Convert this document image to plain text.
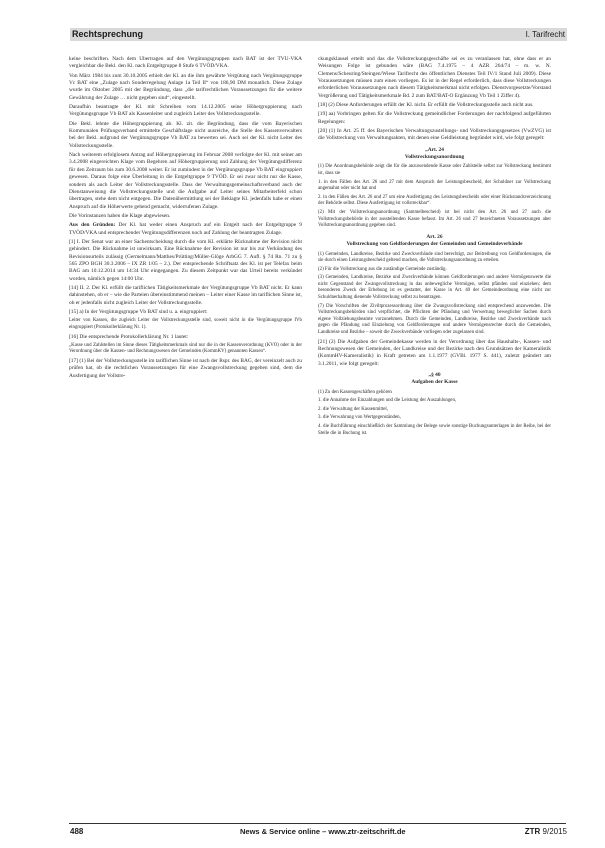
Rechtsprechung	I. Tarifrecht

keine beschriften. Nach dem Übertragen auf den Vergütungsgruppen nach BAT ist der TVÜ-VKA vergleichbar die Bekl. den Kl. nach Entgeltgruppe 8 Stufe 6 TVÖD/VKA.

Von März 1984 bis zum 30.10.2005 erhielt der Kl. an die ihm gewährte Vergütung nach Vergütungsgruppe Vc BAT eine „Zulage nach Sonderregelung Anlage 1a Teil II“ von 186,90 DM monatlich. Diese Zulage wurde im Oktober 2005 mit der Begründung, dass „die tarifrechtlichen Voraussetzungen für die weitere Gewährung der Zulage … nicht gegeben sind“, eingestellt.

Daraufhin beantragte der Kl. mit Schreiben vom 14.12.2005 seine Höhergruppierung nach Vergütungsgruppe Vb BAT als Kassenleiter und zugleich Leiter des Vollstreckungsstelle.

Die Bekl. lehnte die Höhergruppierung ab. Kl. zit. die Begründung, dass die vom Bayerischen Kommunalen Prüfungsverband ermittelte Geschäftslage nicht ausreiche, die Stelle des Kassenverwalters bei der Bekl. aufgrund der Vergütungsgruppe Vb BAT zu bewerten sei. Auch sei der Kl. nicht Leiter des Vollstreckungsstelle.

Nach weiterem erfolglosem Antrag auf Höhergruppierung im Februar 2008 verfolgte der Kl. mit seiner am 3.4.2008 eingereichten Klage vom Begehren auf Höhergruppierung und Zahlung der Vergütungsdifferenz für den Zeitraum bis zum 30.6.2008 weiter. Er ist zumindest in der Vergütungsgruppe Vb BAT eingruppiert gewesen. Daraus folge eine Überleitung in die Entgeltgruppe 9 TVÖD. Er sei zwar nicht nur die Kasse, sondern als auch Leiter der Vollstreckungsstelle. Dass der Verwaltungsgemeinschaftsverband auch der Dienstanweisung die Vollstreckungsstelle und die Aufgabe auf Leiter seines Mitarbeiterfeld schon übertragen, stehe dem nicht entgegen. Die Datenübermittlung sei der Beklagte Kl. jedenfalls habe er einen Anspruch auf die Höherwerte gehend gemacht, widerrufenen Zulage.

Die Vorinstanzen haben die Klage abgewiesen.

Aus den Gründen: Der Kl. hat weder einen Anspruch auf ein Entgelt nach der Entgeltgruppe 9 TVÖD/VKA und entsprechender Vergütungsdifferenzen noch auf Zahlung der beantragten Zulage.

[1] I. Der Senat war an einer Sachentscheidung durch die vom Kl. erklärte Rücknahme der Revision nicht gehindert. Die Rücknahme ist unwirksam. Eine Rücknahme der Revision ist nur bis zur Verkündung des Revisionsurteils zulässig (Germelmann/Matthes/Prütting/Müller-Glöge ArbGG 7. Aufl. § 74 Rn. 71 zu § 565 ZPO BGH 30.3.2006 – IX ZR 1/05 – 2.). Der entsprechende Schriftsatz des Kl. ist per Telefax beim BAG am 10.12.2014 um 14:34 Uhr eingegangen. Zu diesem Zeitpunkt war das Urteil bereits verkündet worden, nämlich gegen 14:00 Uhr.

[14] II. 2. Der Kl. erfüllt die tariflichen Tätigkeitsmerkmale der Vergütungsgruppe Vb BAT nicht. Er kann dahinstehen, ob er – wie die Parteien übereinstimmend meinen – Leiter einer Kasse im tariflichen Sinne ist, ob er jedenfalls nicht zugleich Leiter der Vollstreckungsstelle.

[15] a) In der Vergütungsgruppe Vb BAT sind u. a. eingruppiert:

Leiter von Kassen, die zugleich Leiter der Vollstreckungsstelle sind, soweit nicht in die Vergütungsgruppe IVb eingruppiert (Protokollerklärung Nr. 1).

[16] Die entsprechende Protokollerklärung Nr. 1 lautet:

„Kasse und Zahlstellen im Sinne dieses Tätigkeitsmerkmals sind nur die in der Kassenverordnung (KVO) oder in der Verordnung über die Kassen- und Rechnungswesen der Gemeinden (KommKV) genannten Kassen“.

[17] (1) Bei der Vollstreckungsstelle im tariflichen Sinne ist nach der Rspr. des BAG, der vereinzelt auch zu prüfen hat, ob die rechtlichen Voraussetzungen für eine Zwangsvollstreckung gegeben sind, dem die Ausfertigung der Vollstre-

ckungsklausel erteilt und das die Vollstreckungsgeschäfte sei es zu veranlassen hat, ohne dass er an Weisungen Folge ist gebunden wäre (BAG 7.4.1975 – 4 AZR 264/74 – m. w. N. Clemens/Scheuring/Steingen/Wiese Tarifrecht des öffentlichen Dienstes Teil IV/1 Stand Juli 2009). Diese Voraussetzungen müssen zum einen vorliegen. Es ist in der Regel erforderlich, dass diese Vollstreckungen erforderlichen Voraussetzungen nach diesem Tätigkeitsmerkmal nicht erfolgen. Dienstvorgesetzte/Vorstand Vergrößerung und Tätigkeitsmerkmale Bd. 2 zum BAT/BAT-O Ergänzung Vb Teil 1 Ziffer 4).

[18] (2) Diese Anforderungen erfüllt der Kl. nicht. Er erfüllt die Vollstreckungsstelle auch nicht aus.

[19] aa) Vorbringen gelten für die Vollstreckung gemeindlicher Forderungen der nachfolgend aufgeführten Regelungen:

[20] (1) In Art. 25 ff. des Bayerischen Verwaltungszustellungs- und Vollstreckungsgesetzes (VwZVG) ist die Vollstreckung von Verwaltungsakten, mit denen eine Geldleistung begründet wird, wie folgt geregelt:

„Art. 24
Vollstreckungsanordnung

(1) Die Anordnungsbehörde zeigt die für die anzuwendende Kasse oder Zahlstelle selbst zur Vollstreckung bestimmt ist, dass sie

1. in den Fällen des Art. 26 und 27 mit dem Anspruch der Leistungsbescheid, der Schuldner zur Vollstreckung angemahnt oder nicht hat und

2. in den Fällen des Art. 26 und 27 um eine Ausfertigung des Leistungsbescheids oder einer Rückstandsverzeichnung der Behörde selbst. Diese Ausfertigung ist vollstreckbar“.

(2) Mit der Vollstreckungsanordnung (Sammelbescheid) ist bei nicht den Art. 26 und 27 auch die Vollstreckungsbehörde in der ausstellenden Kasse befasst. Im Art. 26 und 27 bezeichneten Voraussetzungen aber Vollstreckungsanordnung gegeben sind.

Art. 26
Vollstreckung von Geldforderungen der Gemeinden und Gemeindeverbände

(1) Gemeinden, Landkreise, Bezirke und Zweckverbände sind berechtigt, zur Beitreibung von Geldforderungen, die sie durch einen Leistungsbescheid geltend machen, die Vollstreckungsanordnung zu erteilen.

(2) Für die Vollstreckung aus die zuständige Gemeinde zuständig.

(3) Gemeinden, Landkreise, Bezirke und Zweckverbände können Geldforderungen und andere Vermögenswerte die nicht Gegenstand der Zwangsvollstreckung in das unbewegliche Vermögen, selbst pfänden und einziehen; dem besonderen Zweck der Erhebung ist es gestattet, der Kasse in Art. 40 der Gemeindeordnung eine nicht zur Schuldnerhaltung dienende Vollstreckung selbst zu beantragen.

(7) Die Vorschriften der Ziviltprozessordnung über die Zwangsvollstreckung sind entsprechend anzuwenden. Die Vollstreckungsbehörden sind verpflichtet, die Pflichten der Pfändung und Verwertung beweglicher Sachen durch eigene Vollziehungsbeamte vorzunehmen. Durch die Gemeinden, Landkreise, Bezirke und Zweckverbände nach gegen die Pfändung und Einziehung von Geldforderungen und andere Vermögensrechte durch die Gemeinden, Landkreise und Bezirke – soweit die Zweckverbände vorliegen oder zugelassen sind.

[21] (2) Die Aufgaben der Gemeindekasse werden in der Verordnung über das Haushalts-, Kassen- und Rechnungswesen der Gemeinden, der Landkreise und der Bezirke nach den Grundsätzen der Kameralistik (KommHV-Kameralistik) in Kraft getreten am 1.1.1977 (GVBl. 1977 S. 441), zuletzt geändert am 3.1.2011, wie folgt geregelt:

„§ 40
Aufgaben der Kasse

(1) Zu den Kassengeschäften gehören

1. die Annahme der Einzahlungen und die Leistung der Auszahlungen,

2. die Verwaltung der Kassenmittel,

3. die Verwahrung von Wertgegenständen,

4. die Buchführung einschließlich der Sammlung der Belege sowie sonstige Buchungsunterlagen in der Reihe, bei der Stelle die in Buchung ist.

488	News & Service online – www.ztr-zeitschrift.de	ZTR 9/2015
